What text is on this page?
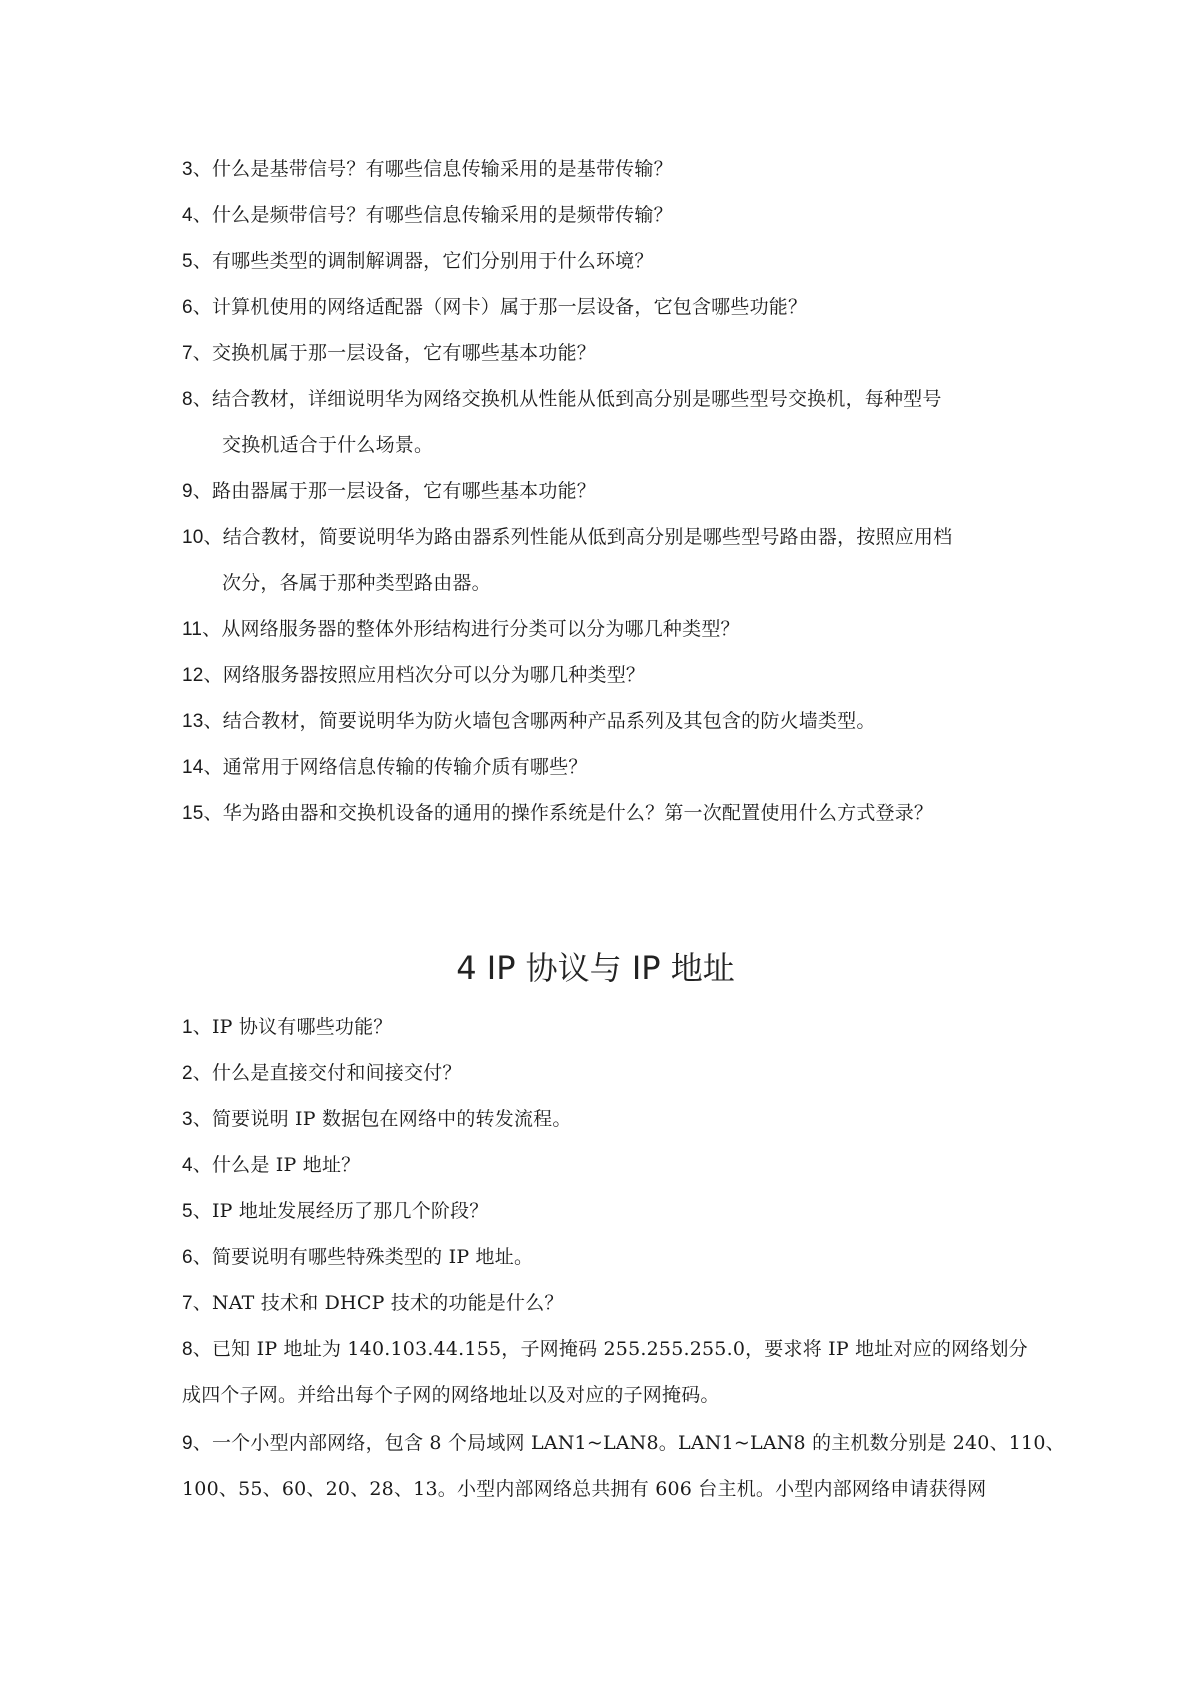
3、什么是基带信号？有哪些信息传输采用的是基带传输？
4、什么是频带信号？有哪些信息传输采用的是频带传输？
5、有哪些类型的调制解调器，它们分别用于什么环境？
6、计算机使用的网络适配器（网卡）属于那一层设备，它包含哪些功能？
7、交换机属于那一层设备，它有哪些基本功能？
8、结合教材，详细说明华为网络交换机从性能从低到高分别是哪些型号交换机，每种型号
交换机适合于什么场景。
9、路由器属于那一层设备，它有哪些基本功能？
10、结合教材，简要说明华为路由器系列性能从低到高分别是哪些型号路由器，按照应用档
次分，各属于那种类型路由器。
11、从网络服务器的整体外形结构进行分类可以分为哪几种类型？
12、网络服务器按照应用档次分可以分为哪几种类型？
13、结合教材，简要说明华为防火墙包含哪两种产品系列及其包含的防火墙类型。
14、通常用于网络信息传输的传输介质有哪些？
15、华为路由器和交换机设备的通用的操作系统是什么？第一次配置使用什么方式登录？
4 IP 协议与 IP 地址
1、IP 协议有哪些功能？
2、什么是直接交付和间接交付？
3、简要说明 IP 数据包在网络中的转发流程。
4、什么是 IP 地址？
5、IP 地址发展经历了那几个阶段？
6、简要说明有哪些特殊类型的 IP 地址。
7、NAT 技术和 DHCP 技术的功能是什么？
8、已知 IP 地址为 140.103.44.155，子网掩码 255.255.255.0，要求将 IP 地址对应的网络划分
成四个子网。并给出每个子网的网络地址以及对应的子网掩码。
9、一个小型内部网络，包含 8 个局域网 LAN1~LAN8。LAN1~LAN8 的主机数分别是 240、110、
100、55、60、20、28、13。小型内部网络总共拥有 606 台主机。小型内部网络申请获得网
